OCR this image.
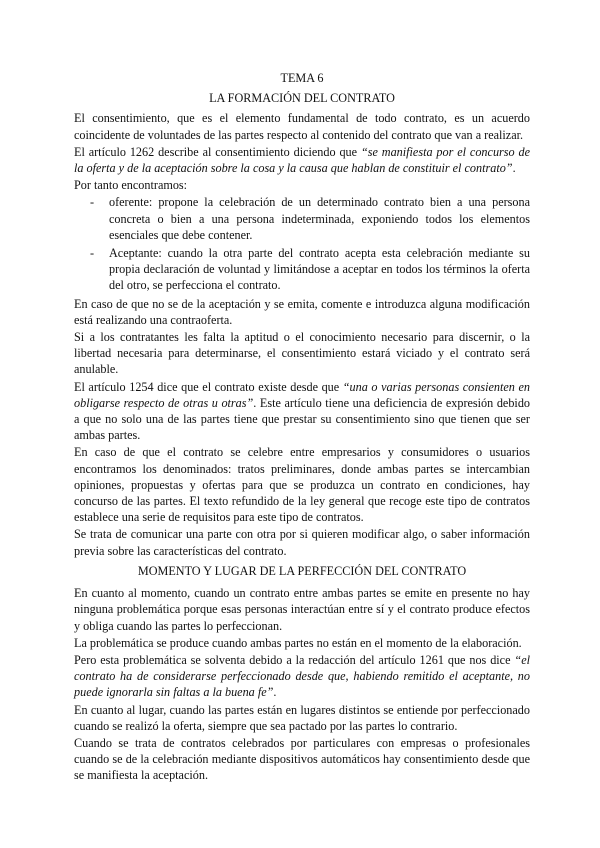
TEMA 6
LA FORMACIÓN DEL CONTRATO

El consentimiento, que es el elemento fundamental de todo contrato, es un acuerdo coincidente de voluntades de las partes respecto al contenido del contrato que van a realizar.

El artículo 1262 describe al consentimiento diciendo que “se manifiesta por el concurso de la oferta y de la aceptación sobre la cosa y la causa que hablan de constituir el contrato”.

Por tanto encontramos:

- oferente: propone la celebración de un determinado contrato bien a una persona concreta o bien a una persona indeterminada, exponiendo todos los elementos esenciales que debe contener.
- Aceptante: cuando la otra parte del contrato acepta esta celebración mediante su propia declaración de voluntad y limitándose a aceptar en todos los términos la oferta del otro, se perfecciona el contrato.

En caso de que no se de la aceptación y se emita, comente e introduzca alguna modificación está realizando una contraoferta.

Si a los contratantes les falta la aptitud o el conocimiento necesario para discernir, o la libertad necesaria para determinarse, el consentimiento estará viciado y el contrato será anulable.

El artículo 1254 dice que el contrato existe desde que “una o varias personas consienten en obligarse respecto de otras u otras”. Este artículo tiene una deficiencia de expresión debido a que no solo una de las partes tiene que prestar su consentimiento sino que tienen que ser ambas partes.

En caso de que el contrato se celebre entre empresarios y consumidores o usuarios encontramos los denominados: tratos preliminares, donde ambas partes se intercambian opiniones, propuestas y ofertas para que se produzca un contrato en condiciones, hay concurso de las partes. El texto refundido de la ley general que recoge este tipo de contratos establece una serie de requisitos para este tipo de contratos.

Se trata de comunicar una parte con otra por si quieren modificar algo, o saber información previa sobre las características del contrato.

MOMENTO Y LUGAR DE LA PERFECCIÓN DEL CONTRATO

En cuanto al momento, cuando un contrato entre ambas partes se emite en presente no hay ninguna problemática porque esas personas interactúan entre sí y el contrato produce efectos y obliga cuando las partes lo perfeccionan.

La problemática se produce cuando ambas partes no están en el momento de la elaboración.

Pero esta problemática se solventa debido a la redacción del artículo 1261 que nos dice “el contrato ha de considerarse perfeccionado desde que, habiendo remitido el aceptante, no puede ignorarla sin faltas a la buena fe”.

En cuanto al lugar, cuando las partes están en lugares distintos se entiende por perfeccionado cuando se realizó la oferta, siempre que sea pactado por las partes lo contrario.

Cuando se trata de contratos celebrados por particulares con empresas o profesionales cuando se de la celebración mediante dispositivos automáticos hay consentimiento desde que se manifiesta la aceptación.
